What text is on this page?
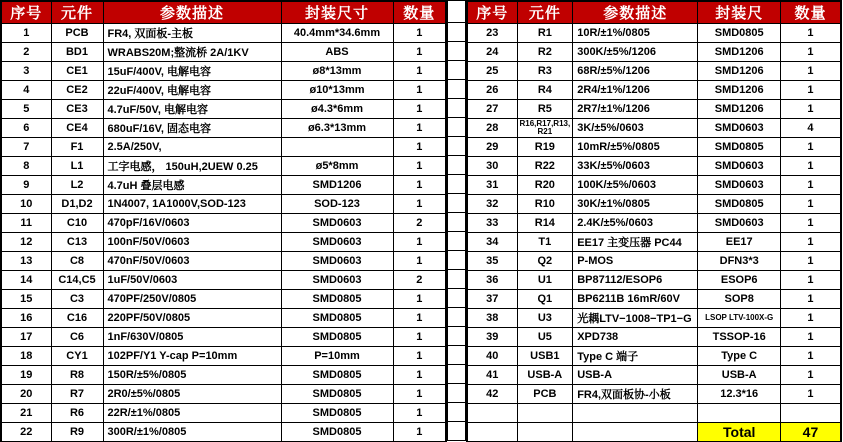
序号	元件	参数描述	封装尺寸	数量
1	PCB	FR4, 双面板-主板	40.4mm*34.6mm	1
2	BD1	WRABS20M;整流桥 2A/1KV	ABS	1
3	CE1	15uF/400V, 电解电容	ø8*13mm	1
4	CE2	22uF/400V, 电解电容	ø10*13mm	1
5	CE3	4.7uF/50V, 电解电容	ø4.3*6mm	1
6	CE4	680uF/16V, 固态电容	ø6.3*13mm	1
7	F1	2.5A/250V,		1
8	L1	工字电感， 150uH,2UEW 0.25	ø5*8mm	1
9	L2	4.7uH 叠层电感	SMD1206	1
10	D1,D2	1N4007, 1A1000V,SOD-123	SOD-123	1
11	C10	470pF/16V/0603	SMD0603	2
12	C13	100nF/50V/0603	SMD0603	1
13	C8	470nF/50V/0603	SMD0603	1
14	C14,C5	1uF/50V/0603	SMD0603	2
15	C3	470PF/250V/0805	SMD0805	1
16	C16	220PF/50V/0805	SMD0805	1
17	C6	1nF/630V/0805	SMD0805	1
18	CY1	102PF/Y1 Y-cap P=10mm	P=10mm	1
19	R8	150R/±5%/0805	SMD0805	1
20	R7	2R0/±5%/0805	SMD0805	1
21	R6	22R/±1%/0805	SMD0805	1
22	R9	300R/±1%/0805	SMD0805	1

序号	元件	参数描述	封装尺	数量
23	R1	10R/±1%/0805	SMD0805	1
24	R2	300K/±5%/1206	SMD1206	1
25	R3	68R/±5%/1206	SMD1206	1
26	R4	2R4/±1%/1206	SMD1206	1
27	R5	2R7/±1%/1206	SMD1206	1
28	R16,R17,R13, R21	3K/±5%/0603	SMD0603	4
29	R19	10mR/±5%/0805	SMD0805	1
30	R22	33K/±5%/0603	SMD0603	1
31	R20	100K/±5%/0603	SMD0603	1
32	R10	30K/±1%/0805	SMD0805	1
33	R14	2.4K/±5%/0603	SMD0603	1
34	T1	EE17 主变压器 PC44	EE17	1
35	Q2	P-MOS	DFN3*3	1
36	U1	BP87112/ESOP6	ESOP6	1
37	Q1	BP6211B 16mR/60V	SOP8	1
38	U3	光耦LTV−1008−TP1−G	LSOP LTV-100X-G	1
39	U5	XPD738	TSSOP-16	1
40	USB1	Type C 端子	Type C	1
41	USB-A	USB-A	USB-A	1
42	PCB	FR4,双面板协-小板	12.3*16	1

			Total	47
